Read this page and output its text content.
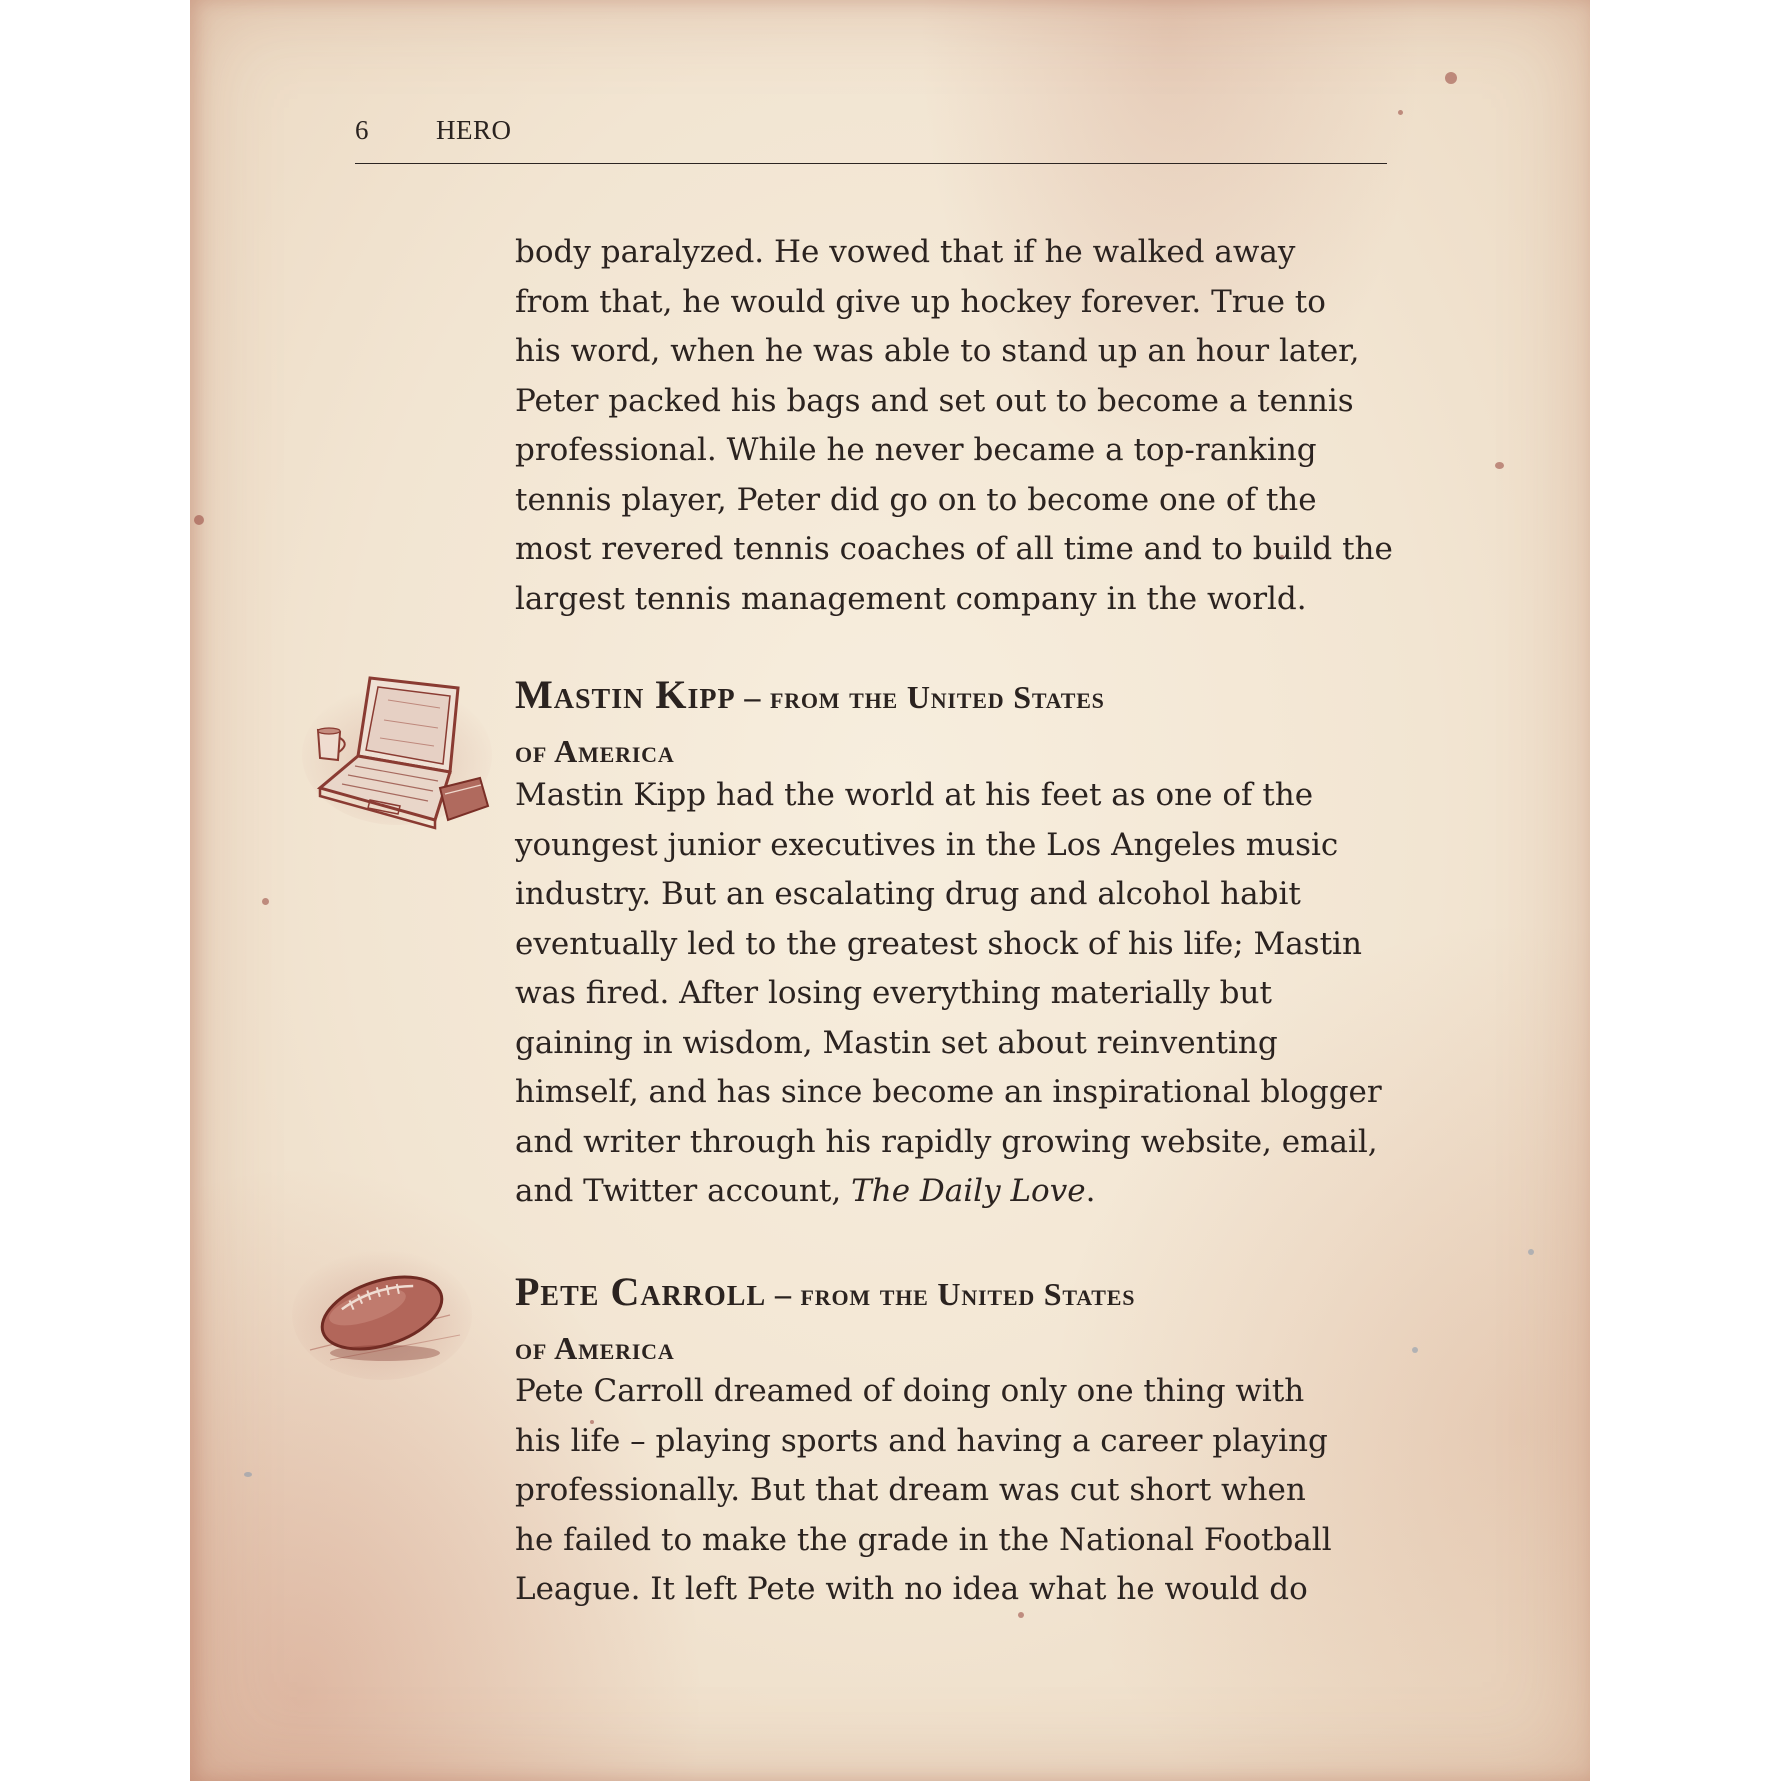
6	HERO

body paralyzed. He vowed that if he walked away
from that, he would give up hockey forever. True to
his word, when he was able to stand up an hour later,
Peter packed his bags and set out to become a tennis
professional. While he never became a top-ranking
tennis player, Peter did go on to become one of the
most revered tennis coaches of all time and to build the
largest tennis management company in the world.

Mastin Kipp – from the United States
of America

Mastin Kipp had the world at his feet as one of the
youngest junior executives in the Los Angeles music
industry. But an escalating drug and alcohol habit
eventually led to the greatest shock of his life; Mastin
was fired. After losing everything materially but
gaining in wisdom, Mastin set about reinventing
himself, and has since become an inspirational blogger
and writer through his rapidly growing website, email,
and Twitter account, The Daily Love.

Pete Carroll – from the United States
of America

Pete Carroll dreamed of doing only one thing with
his life – playing sports and having a career playing
professionally. But that dream was cut short when
he failed to make the grade in the National Football
League. It left Pete with no idea what he would do
